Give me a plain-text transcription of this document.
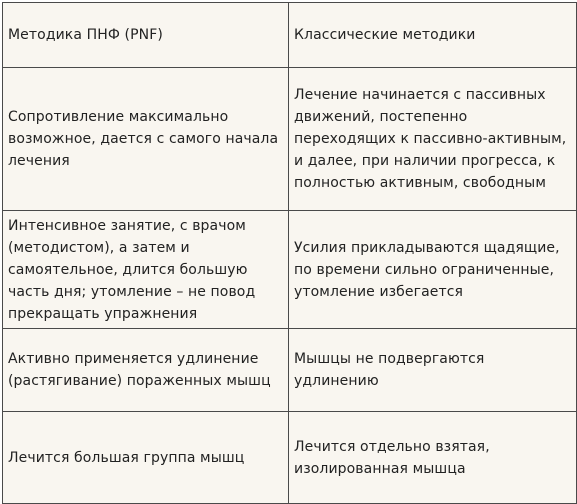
Методика ПНФ (PNF)	Классические методики

Сопротивление максимально возможное, дается с самого начала лечения	Лечение начинается с пассивных движений, постепенно переходящих к пассивно-активным, и далее, при наличии прогресса, к полностью активным, свободным

Интенсивное занятие, с врачом (методистом), а затем и самоятельное, длится большую часть дня; утомление – не повод прекращать упражнения	Усилия прикладываются щадящие, по времени сильно ограниченные, утомление избегается

Активно применяется удлинение (растягивание) пораженных мышц	Мышцы не подвергаются удлинению

Лечится большая группа мышц	Лечится отдельно взятая, изолированная мышца
